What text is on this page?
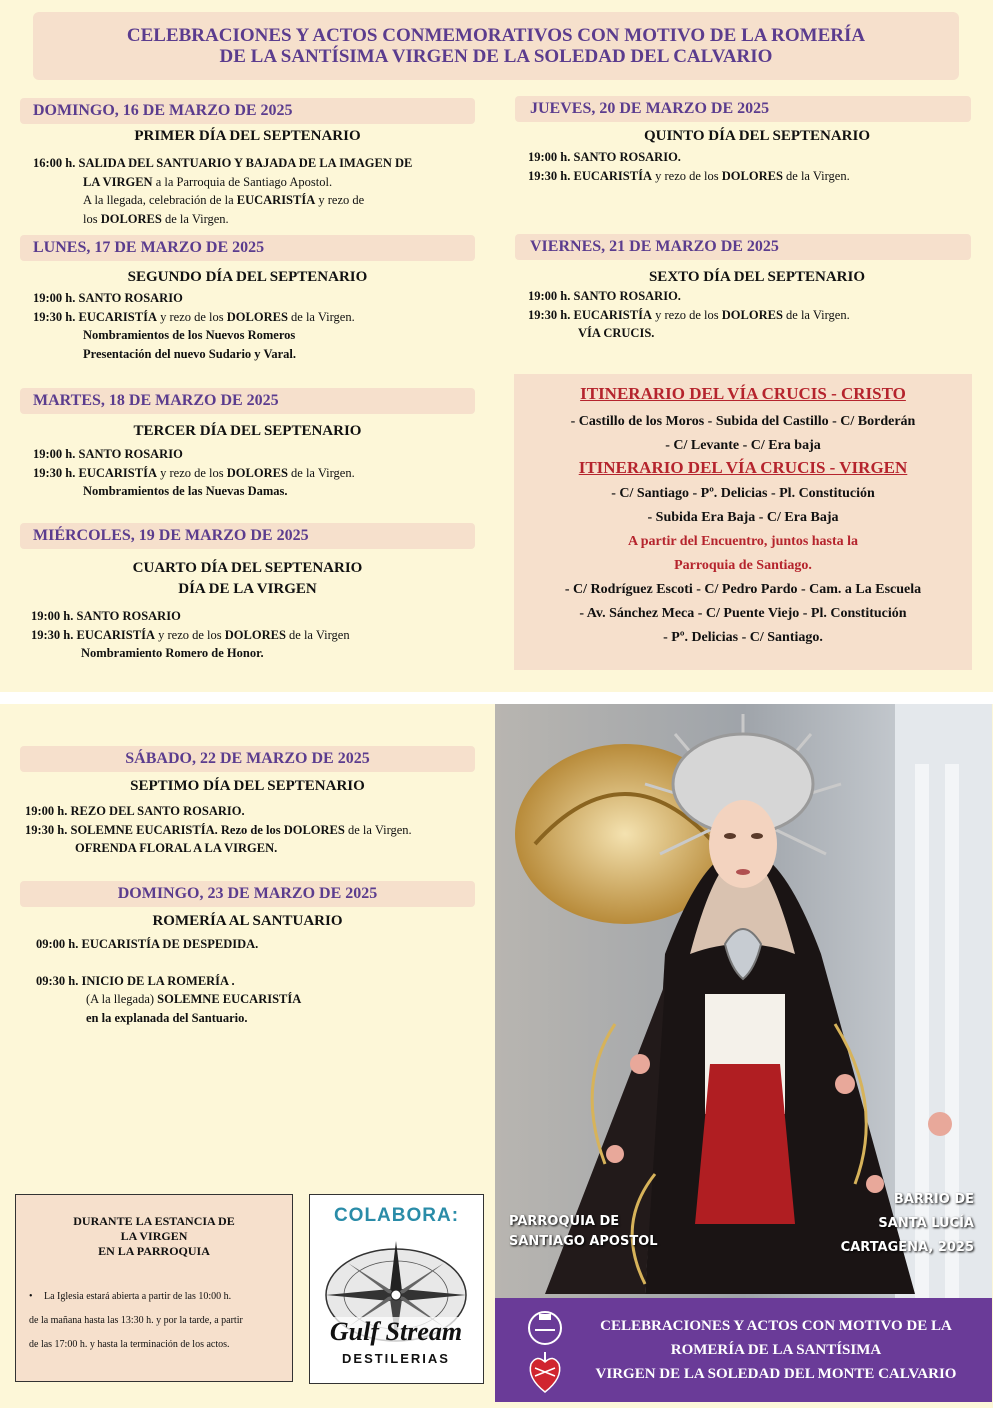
CELEBRACIONES Y ACTOS CONMEMORATIVOS CON MOTIVO DE LA ROMERÍA
DE LA SANTÍSIMA VIRGEN DE LA SOLEDAD DEL CALVARIO
DOMINGO, 16 DE MARZO DE 2025
PRIMER DÍA DEL SEPTENARIO
16:00 h. SALIDA DEL SANTUARIO Y BAJADA DE LA IMAGEN DE
LA VIRGEN a la Parroquia de Santiago Apostol.
A la llegada, celebración de la EUCARISTÍA y rezo de
los DOLORES de la Virgen.
LUNES, 17 DE MARZO DE 2025
SEGUNDO DÍA DEL SEPTENARIO
19:00 h. SANTO ROSARIO
19:30 h. EUCARISTÍA y rezo de los DOLORES de la Virgen.
Nombramientos de los Nuevos Romeros
Presentación del nuevo Sudario y Varal.
MARTES, 18 DE MARZO DE 2025
TERCER DÍA DEL SEPTENARIO
19:00 h. SANTO ROSARIO
19:30 h. EUCARISTÍA y rezo de los DOLORES de la Virgen.
Nombramientos de las Nuevas Damas.
MIÉRCOLES, 19 DE MARZO DE 2025
CUARTO DÍA DEL SEPTENARIO
DÍA DE LA VIRGEN
19:00 h. SANTO ROSARIO
19:30 h. EUCARISTÍA y rezo de los DOLORES de la Virgen
Nombramiento Romero de Honor.
JUEVES, 20 DE MARZO DE 2025
QUINTO DÍA DEL SEPTENARIO
19:00 h. SANTO ROSARIO.
19:30 h. EUCARISTÍA y rezo de los DOLORES de la Virgen.
VIERNES, 21 DE MARZO DE 2025
SEXTO DÍA DEL SEPTENARIO
19:00 h. SANTO ROSARIO.
19:30 h. EUCARISTÍA y rezo de los DOLORES de la Virgen.
VÍA CRUCIS.
ITINERARIO DEL VÍA CRUCIS - CRISTO
- Castillo de los Moros - Subida del Castillo - C/ Borderán
- C/ Levante - C/ Era baja
ITINERARIO DEL VÍA CRUCIS - VIRGEN
- C/ Santiago - Pº. Delicias - Pl. Constitución
- Subida Era Baja - C/ Era Baja
A partir del Encuentro, juntos hasta la
Parroquia de Santiago.
- C/ Rodríguez Escoti - C/ Pedro Pardo - Cam. a La Escuela
- Av. Sánchez Meca - C/ Puente Viejo - Pl. Constitución
- Pº. Delicias - C/ Santiago.
SÁBADO, 22 DE MARZO DE 2025
SEPTIMO DÍA DEL SEPTENARIO
19:00 h. REZO DEL SANTO ROSARIO.
19:30 h. SOLEMNE EUCARISTÍA. Rezo de los DOLORES de la Virgen.
OFRENDA FLORAL A LA VIRGEN.
DOMINGO, 23 DE MARZO DE 2025
ROMERÍA AL SANTUARIO
09:00 h. EUCARISTÍA DE DESPEDIDA.
09:30 h. INICIO DE LA ROMERÍA .
(A la llegada) SOLEMNE EUCARISTÍA
en la explanada del Santuario.
DURANTE LA ESTANCIA DE
LA VIRGEN
EN LA PARROQUIA
• La Iglesia estará abierta a partir de las 10:00 h.
de la mañana hasta las 13:30 h. y por la tarde, a partir
de las 17:00 h. y hasta la terminación de los actos.
COLABORA:
Gulf Stream
DESTILERIAS
PARROQUIA DE
SANTIAGO APOSTOL
BARRIO DE
SANTA LUCÍA
CARTAGENA, 2025
CELEBRACIONES Y ACTOS CON MOTIVO DE LA
ROMERÍA DE LA SANTÍSIMA
VIRGEN DE LA SOLEDAD DEL MONTE CALVARIO
